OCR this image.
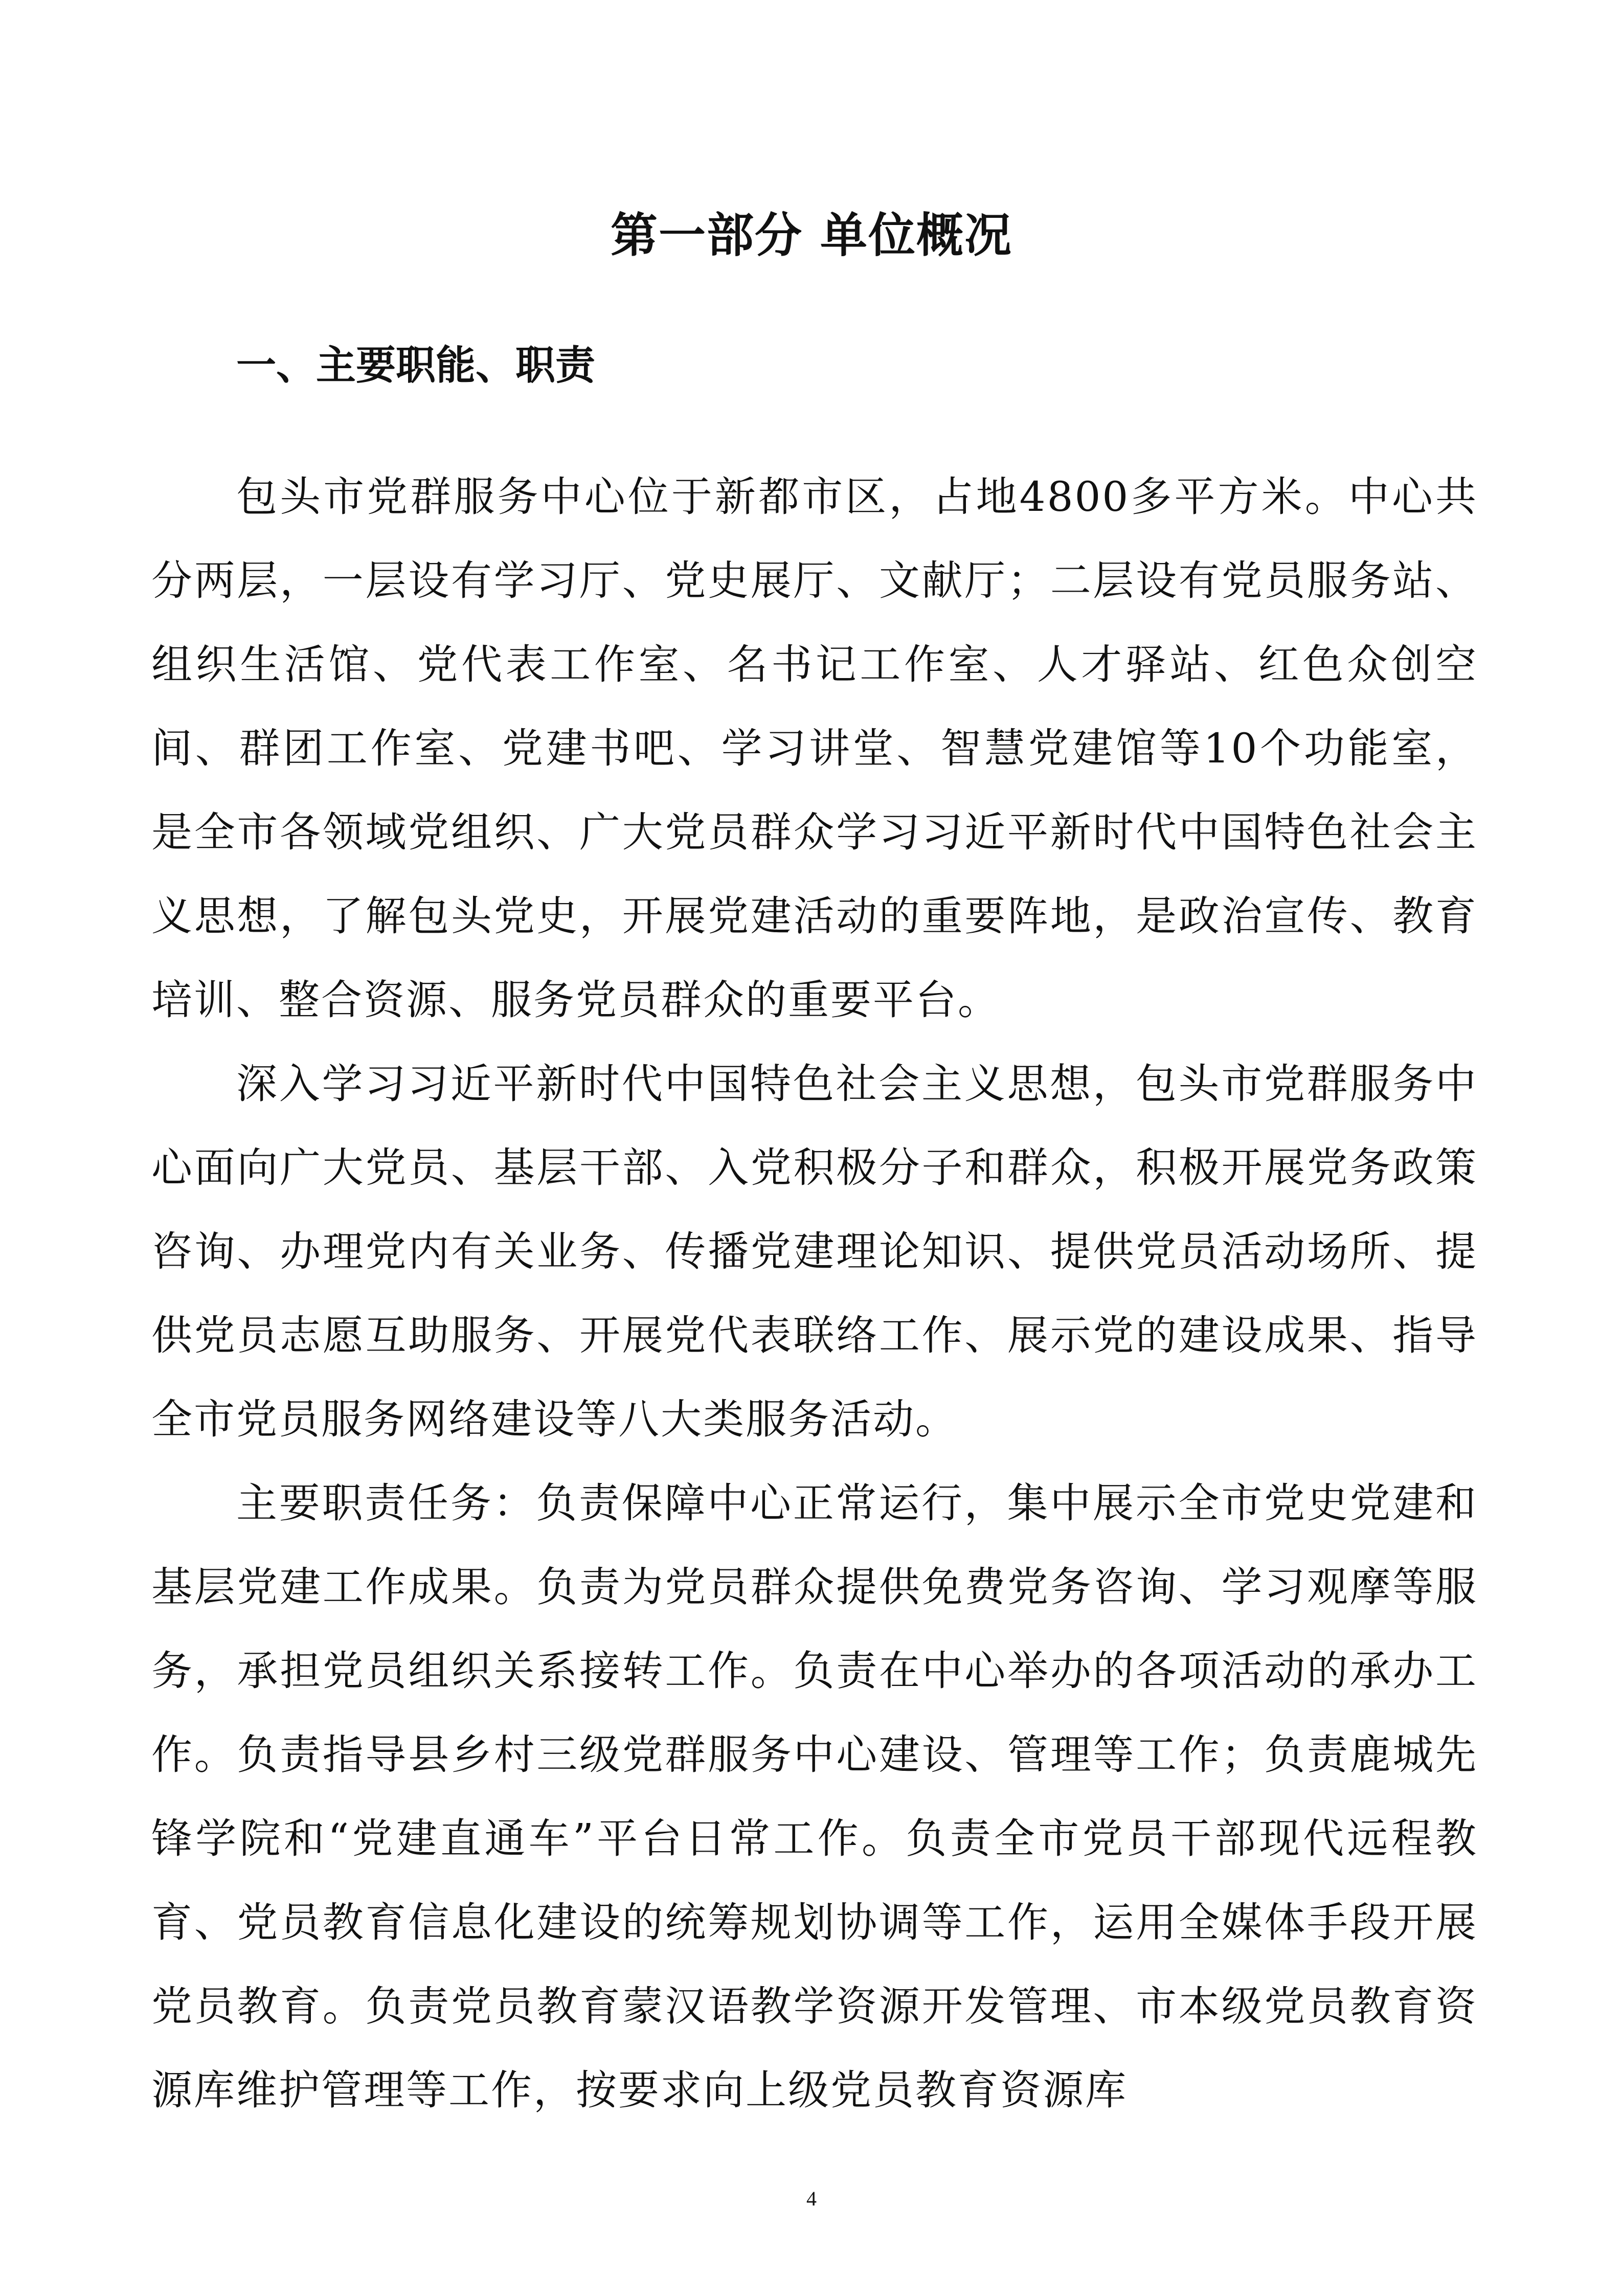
第一部分 单位概况
一、主要职能、职责

包头市党群服务中心位于新都市区，占地4800多平方米。中心共分两层，一层设有学习厅、党史展厅、文献厅；二层设有党员服务站、组织生活馆、党代表工作室、名书记工作室、人才驿站、红色众创空间、群团工作室、党建书吧、学习讲堂、智慧党建馆等10个功能室，是全市各领域党组织、广大党员群众学习习近平新时代中国特色社会主义思想，了解包头党史，开展党建活动的重要阵地，是政治宣传、教育培训、整合资源、服务党员群众的重要平台。

深入学习习近平新时代中国特色社会主义思想，包头市党群服务中心面向广大党员、基层干部、入党积极分子和群众，积极开展党务政策咨询、办理党内有关业务、传播党建理论知识、提供党员活动场所、提供党员志愿互助服务、开展党代表联络工作、展示党的建设成果、指导全市党员服务网络建设等八大类服务活动。

主要职责任务：负责保障中心正常运行，集中展示全市党史党建和基层党建工作成果。负责为党员群众提供免费党务咨询、学习观摩等服务，承担党员组织关系接转工作。负责在中心举办的各项活动的承办工作。负责指导县乡村三级党群服务中心建设、管理等工作；负责鹿城先锋学院和“党建直通车”平台日常工作。负责全市党员干部现代远程教育、党员教育信息化建设的统筹规划协调等工作，运用全媒体手段开展党员教育。负责党员教育蒙汉语教学资源开发管理、市本级党员教育资源库维护管理等工作，按要求向上级党员教育资源库

4
